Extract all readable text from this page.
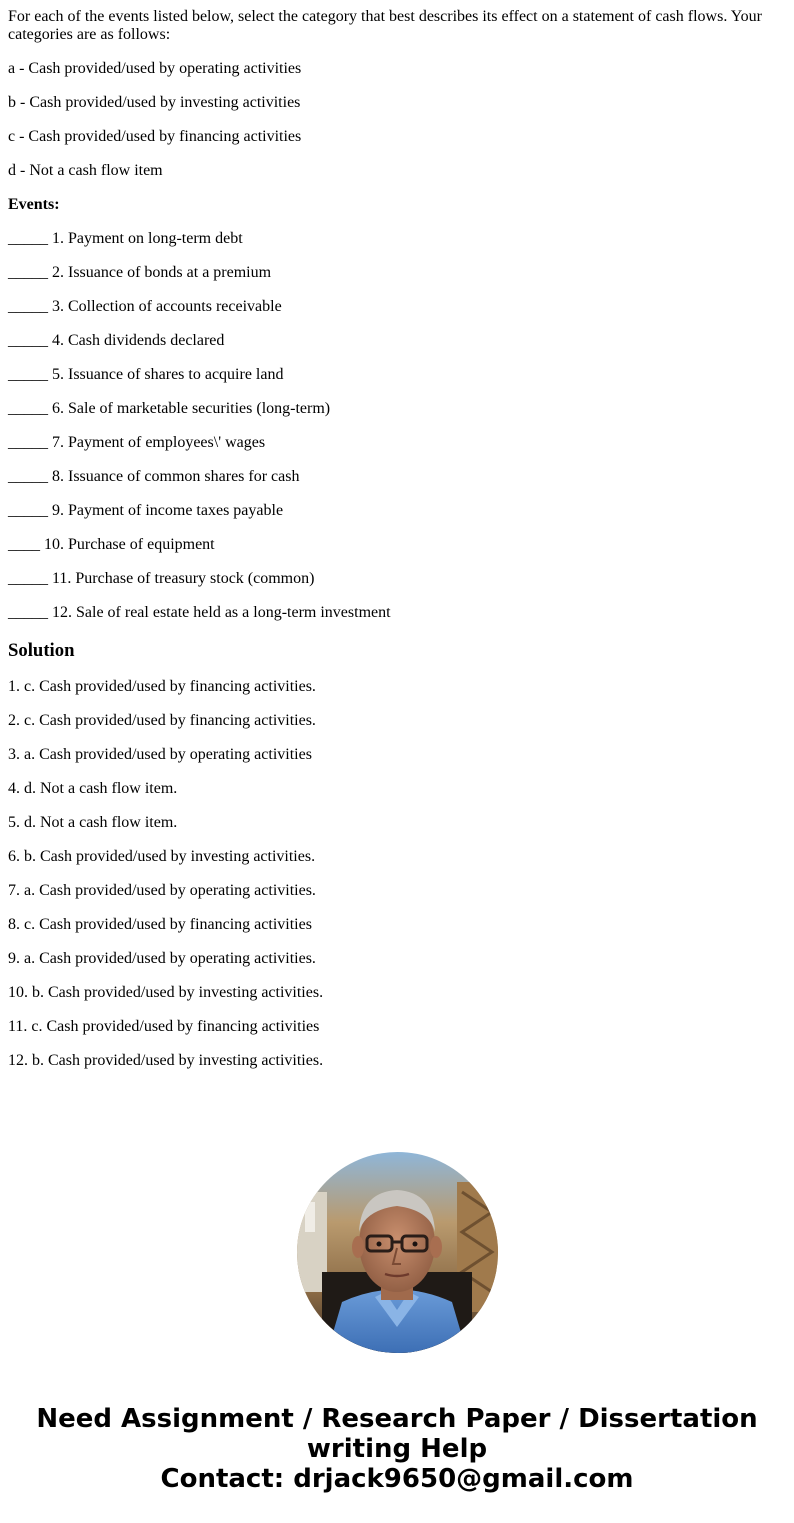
For each of the events listed below, select the category that best describes its effect on a statement of cash flows. Your categories are as follows:

a - Cash provided/used by operating activities

b - Cash provided/used by investing activities

c - Cash provided/used by financing activities

d - Not a cash flow item

Events:

_____ 1. Payment on long-term debt

_____ 2. Issuance of bonds at a premium

_____ 3. Collection of accounts receivable

_____ 4. Cash dividends declared

_____ 5. Issuance of shares to acquire land

_____ 6. Sale of marketable securities (long-term)

_____ 7. Payment of employees\' wages

_____ 8. Issuance of common shares for cash

_____ 9. Payment of income taxes payable

____ 10. Purchase of equipment

_____ 11. Purchase of treasury stock (common)

_____ 12. Sale of real estate held as a long-term investment

Solution

1. c. Cash provided/used by financing activities.

2. c. Cash provided/used by financing activities.

3. a. Cash provided/used by operating activities

4. d. Not a cash flow item.

5. d. Not a cash flow item.

6. b. Cash provided/used by investing activities.

7. a. Cash provided/used by operating activities.

8. c. Cash provided/used by financing activities

9. a. Cash provided/used by operating activities.

10. b. Cash provided/used by investing activities.

11. c. Cash provided/used by financing activities

12. b. Cash provided/used by investing activities.

Need Assignment / Research Paper / Dissertation
writing Help
Contact: drjack9650@gmail.com
